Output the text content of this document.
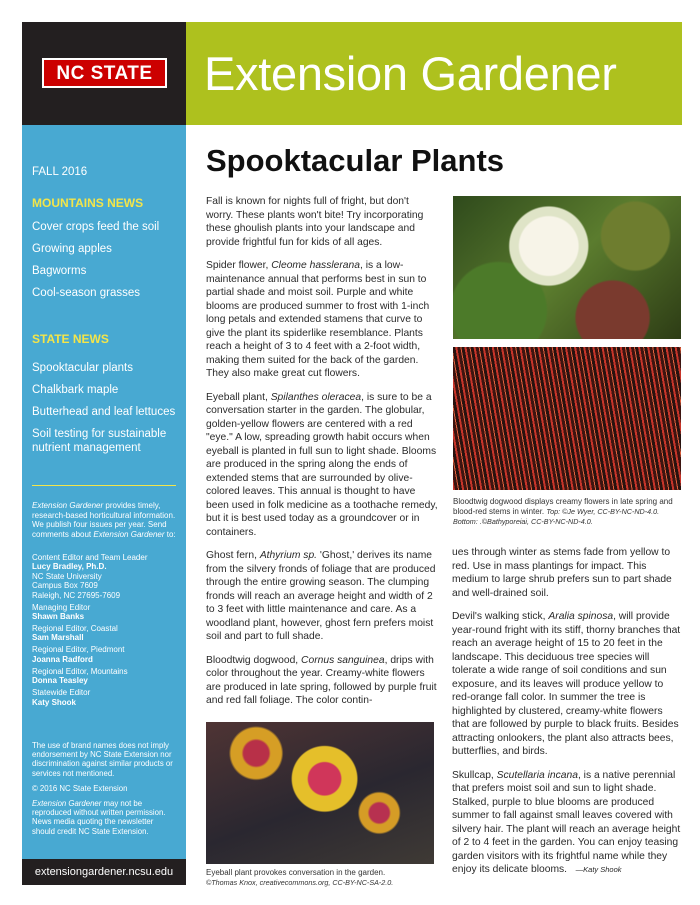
NC STATE	Extension Gardener
FALL 2016
MOUNTAINS NEWS
Cover crops feed the soil
Growing apples
Bagworms
Cool-season grasses
STATE NEWS
Spooktacular plants
Chalkbark maple
Butterhead and leaf lettuces
Soil testing for sustainable nutrient management

Extension Gardener provides timely, research-based horticultural information. We publish four issues per year. Send comments about Extension Gardener to:

Content Editor and Team Leader
Lucy Bradley, Ph.D.
NC State University
Campus Box 7609
Raleigh, NC 27695-7609
Managing Editor
Shawn Banks
Regional Editor, Coastal
Sam Marshall
Regional Editor, Piedmont
Joanna Radford
Regional Editor, Mountains
Donna Teasley
Statewide Editor
Katy Shook

The use of brand names does not imply endorsement by NC State Extension nor discrimination against similar products or services not mentioned.

© 2016 NC State Extension

Extension Gardener may not be reproduced without written permission. News media quoting the newsletter should credit NC State Extension.

extensiongardener.ncsu.edu
Spooktacular Plants

Fall is known for nights full of fright, but don't worry. These plants won't bite! Try incorporating these ghoulish plants into your landscape and provide frightful fun for kids of all ages.

Spider flower, Cleome hasslerana, is a low-maintenance annual that performs best in sun to partial shade and moist soil. Purple and white blooms are produced summer to frost with 1-inch long petals and extended stamens that curve to give the plant its spiderlike resemblance. Plants reach a height of 3 to 4 feet with a 2-foot width, making them suited for the back of the garden. They also make great cut flowers.

Eyeball plant, Spilanthes oleracea, is sure to be a conversation starter in the garden. The globular, golden-yellow flowers are centered with a red "eye." A low, spreading growth habit occurs when eyeball is planted in full sun to light shade. Blooms are produced in the spring along the ends of extended stems that are surrounded by olive-colored leaves. This annual is thought to have been used in folk medicine as a toothache remedy, but it is best used today as a groundcover or in containers.

Ghost fern, Athyrium sp. 'Ghost,' derives its name from the silvery fronds of foliage that are produced through the entire growing season. The clumping fronds will reach an average height and width of 2 to 3 feet with little maintenance and care. As a woodland plant, however, ghost fern prefers moist soil and part to full shade.

Bloodtwig dogwood, Cornus sanguinea, drips with color throughout the year. Creamy-white flowers are produced in late spring, followed by purple fruit and red fall foliage. The color contin-

Bloodtwig dogwood displays creamy flowers in late spring and blood-red stems in winter. Top: ©Je Wyer, CC-BY-NC-ND-4.0. Bottom: .©Bathyporeiai, CC-BY-NC-ND-4.0.

ues through winter as stems fade from yellow to red. Use in mass plantings for impact. This medium to large shrub prefers sun to part shade and well-drained soil.

Devil's walking stick, Aralia spinosa, will provide year-round fright with its stiff, thorny branches that reach an average height of 15 to 20 feet in the landscape. This deciduous tree species will tolerate a wide range of soil conditions and sun exposure, and its leaves will produce yellow to red-orange fall color. In summer the tree is highlighted by clustered, creamy-white flowers that are followed by purple to black fruits. Besides attracting onlookers, the plant also attracts bees, butterflies, and birds.

Skullcap, Scutellaria incana, is a native perennial that prefers moist soil and sun to light shade. Stalked, purple to blue blooms are produced summer to fall against small leaves covered with silvery hair. The plant will reach an average height of 2 to 4 feet in the garden. You can enjoy teasing garden visitors with its frightful name while they enjoy its delicate blooms. —Katy Shook

Eyeball plant provokes conversation in the garden.
©Thomas Knox, creativecommons.org, CC-BY-NC-SA-2.0.
